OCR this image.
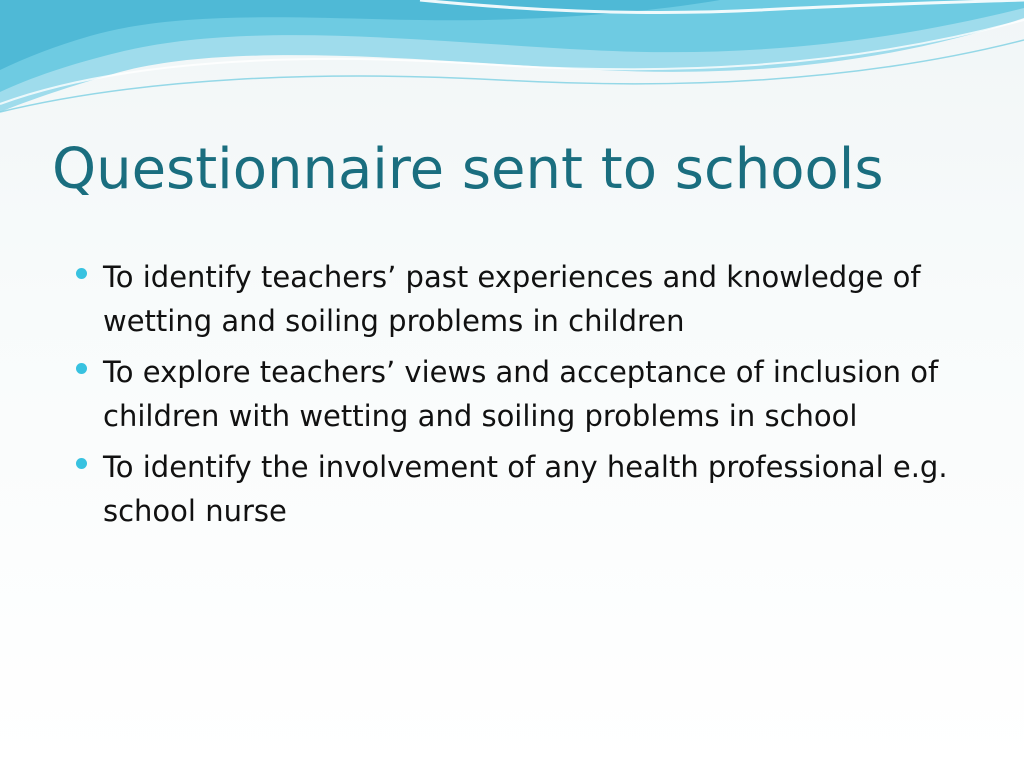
Questionnaire sent to schools
To identify teachers’ past experiences and knowledge of wetting and soiling problems in children
To explore teachers’ views and acceptance of inclusion of children with wetting and soiling problems in school
To identify the involvement of any health professional e.g. school nurse
